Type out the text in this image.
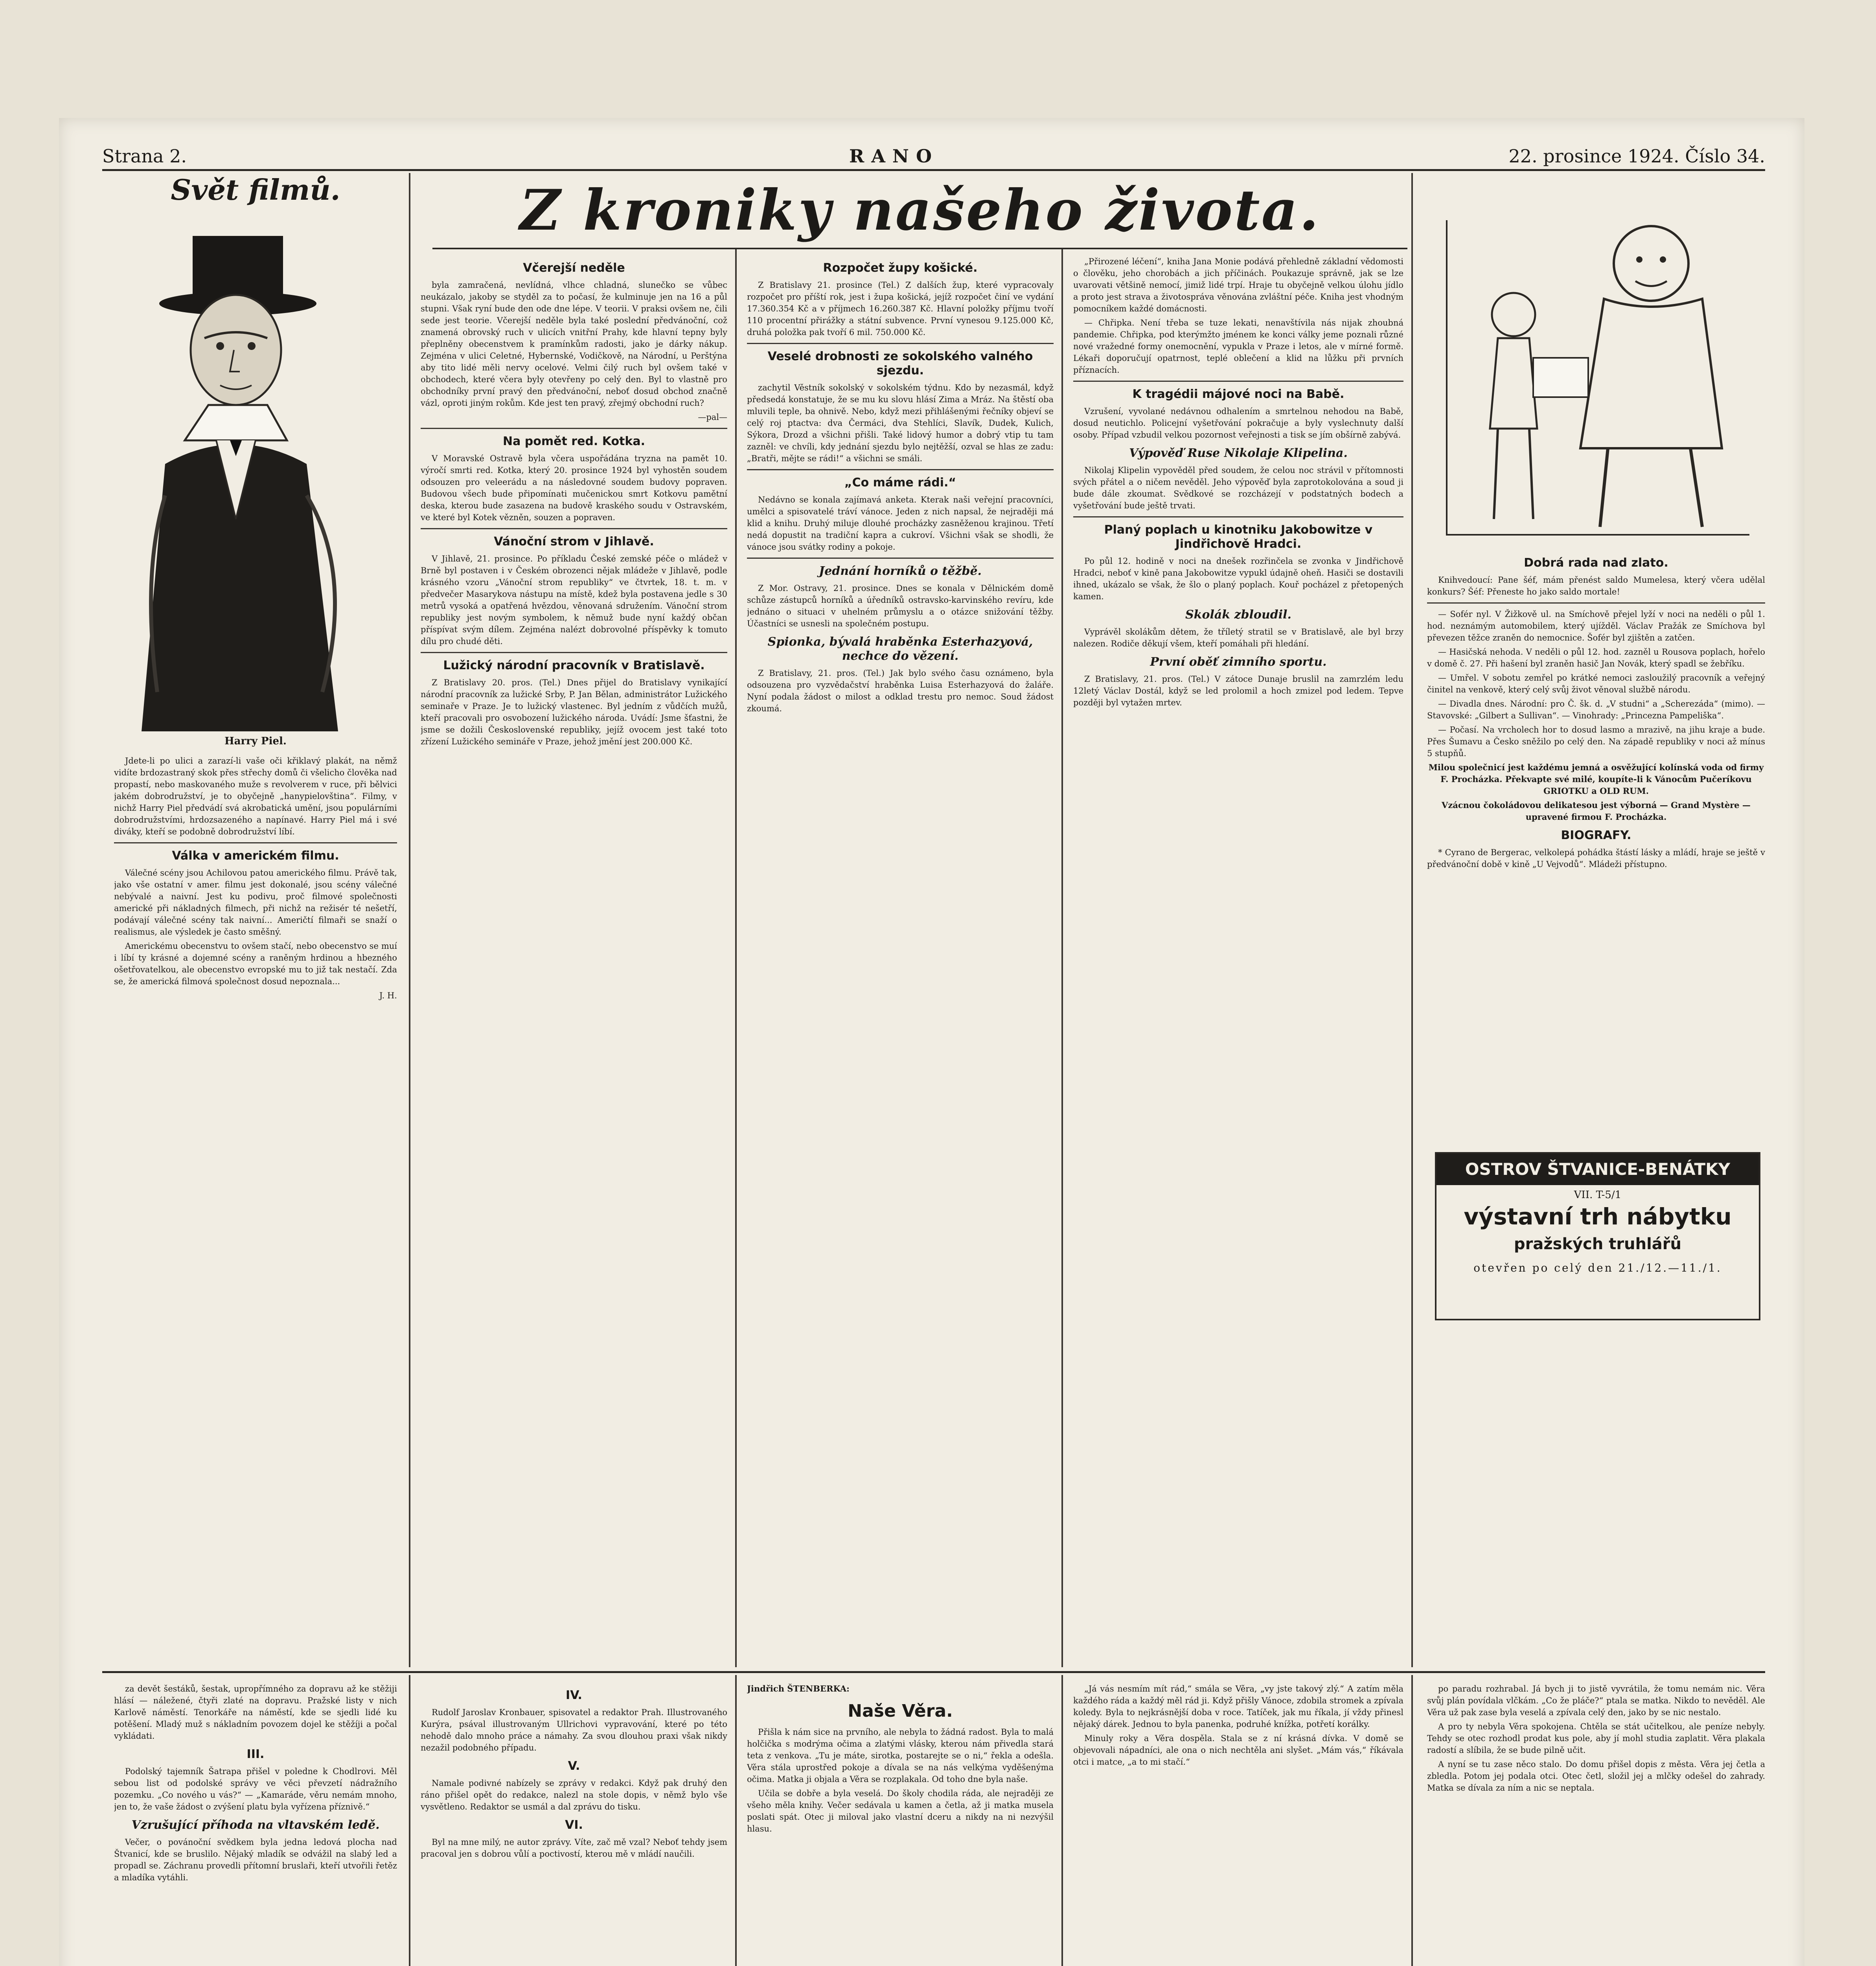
Strana 2.	RANO	22. prosince 1924. Číslo 34.
Svět filmů.	Z kroniky našeho života.
Harry Piel.

Jdete-li po ulici a zarazí-li vaše oči křiklavý plakát, na němž vidíte brdozastraný skok přes střechy domů či všelicho člověka nad propastí, nebo maskovaného muže s revolverem v ruce, při bělvici jakém dobrodružství, je to obyčejně „hanypielovština“. Filmy, v nichž Harry Piel předvádí svá akrobatická umění, jsou populárními dobrodružstvími, hrdozsazeného a napínavé. Harry Piel má i své diváky, kteří se podobně dobrodružství líbí.

Válka v americkém filmu.

Válečné scény jsou Achilovou patou amerického filmu. Právě tak, jako vše ostatní v amer. filmu jest dokonalé, jsou scény válečné nebývalé a naivní. Jest ku podivu, proč filmové společnosti americké při nákladných filmech, při nichž na režisér té nešetří, podávají válečné scény tak naivní... Američtí filmaři se snaží o realismus, ale výsledek je často směšný.

Americkému obecenstvu to ovšem stačí, nebo obecenstvo se muí i líbí ty krásné a dojemné scény a raněným hrdinou a hbezného ošetřovatelkou, ale obecenstvo evropské mu to již tak nestačí. Zda se, že americká filmová společnost dosud nepoznala...

J. H.

Včerejší neděle

byla zamračená, nevlídná, vlhce chladná, slunečko se vůbec neukázalo, jakoby se styděl za to počasí, že kulminuje jen na 16 a půl stupni. Však ryní bude den ode dne lépe. V teorii. V praksi ovšem ne, čili sede jest teorie. Včerejší neděle byla také poslední předvánoční, což znamená obrovský ruch v ulicích vnitřní Prahy, kde hlavní tepny byly přeplněny obecenstvem k pramínkům radosti, jako je dárky nákup. Zejména v ulici Celetné, Hybernské, Vodičkově, na Národní, u Perštýna aby tito lidé měli nervy ocelové. Velmi čilý ruch byl ovšem také v obchodech, které včera byly otevřeny po celý den. Byl to vlastně pro obchodníky první pravý den předvánoční, neboť dosud obchod značně vázl, oproti jiným rokům. Kde jest ten pravý, zřejmý obchodní ruch?

—pal—

Na pomět red. Kotka.

V Moravské Ostravě byla včera uspořádána tryzna na pamět 10. výročí smrti red. Kotka, který 20. prosince 1924 byl vyhostěn soudem odsouzen pro veleerádu a na následovné soudem budovy popraven. Budovou všech bude připomínati mučenickou smrt Kotkovu pamětní deska, kterou bude zasazena na budově kraského soudu v Ostravském, ve které byl Kotek vězněn, souzen a popraven.

Vánoční strom v Jihlavě.

V Jihlavě, 21. prosince. Po příkladu České zemské péče o mládež v Brně byl postaven i v Českém obrozenci nějak mládeže v Jihlavě, podle krásného vzoru „Vánoční strom republiky“ ve čtvrtek, 18. t. m. v předvečer Masarykova nástupu na místě, kdež byla postavena jedle s 30 metrů vysoká a opatřená hvězdou, věnovaná sdružením. Vánoční strom republiky jest novým symbolem, k němuž bude nyní každý občan příspívat svým dílem. Zejména nalézt dobrovolné příspěvky k tomuto dílu pro chudé děti.

Lužický národní pracovník v Bratislavě.

Z Bratislavy 20. pros. (Tel.) Dnes přijel do Bratislavy vynikající národní pracovník za lužické Srby, P. Jan Bělan, administrátor Lužického seminaře v Praze. Je to lužický vlastenec. Byl jedním z vůdčích mužů, kteří pracovali pro osvobození lužického národa. Uvádí: Jsme šťastni, že jsme se dožili Československé republiky, jejíž ovocem jest také toto zřízení Lužického semináře v Praze, jehož jmění jest 200.000 Kč.

Rozpočet župy košické.

Z Bratislavy 21. prosince (Tel.) Z dalších žup, které vypracovaly rozpočet pro příští rok, jest i župa košická, jejíž rozpočet činí ve vydání 17.360.354 Kč a v příjmech 16.260.387 Kč. Hlavní položky příjmu tvoří 110 procentní přirážky a státní subvence. První vynesou 9.125.000 Kč, druhá položka pak tvoří 6 mil. 750.000 Kč.

Veselé drobnosti ze sokolského valného sjezdu.

zachytil Věstník sokolský v sokolském týdnu. Kdo by nezasmál, když předsedá konstatuje, že se mu ku slovu hlásí Zima a Mráz. Na štěstí oba mluvili teple, ba ohnivě. Nebo, když mezi přihlášenými řečníky objeví se celý roj ptactva: dva Čermáci, dva Stehlíci, Slavík, Dudek, Kulich, Sýkora, Drozd a všichni přišli. Také lidový humor a dobrý vtip tu tam zazněl: ve chvíli, kdy jednání sjezdu bylo nejtěžší, ozval se hlas ze zadu: „Bratři, mějte se rádi!“ a všichni se smáli.

„Co máme rádi.“

Nedávno se konala zajímavá anketa. Kterak naši veřejní pracovníci, umělci a spisovatelé tráví vánoce. Jeden z nich napsal, že nejraději má klid a knihu. Druhý miluje dlouhé procházky zasněženou krajinou. Třetí nedá dopustit na tradiční kapra a cukroví. Všichni však se shodli, že vánoce jsou svátky rodiny a pokoje.

Jednání horníků o těžbě.

Z Mor. Ostravy, 21. prosince. Dnes se konala v Dělnickém domě schůze zástupců horníků a úředníků ostravsko-karvinského revíru, kde jednáno o situaci v uhelném průmyslu a o otázce snižování těžby. Účastníci se usnesli na společném postupu.

Spionka, bývalá hraběnka Esterhazyová, nechce do vězení.

Z Bratislavy, 21. pros. (Tel.) Jak bylo svého času oznámeno, byla odsouzena pro vyzvědačství hraběnka Luisa Esterhazyová do žaláře. Nyní podala žádost o milost a odklad trestu pro nemoc. Soud žádost zkoumá.

„Přirozené léčení“, kniha Jana Monie podává přehledně základní vědomosti o člověku, jeho chorobách a jich příčinách. Poukazuje správně, jak se lze uvarovati většině nemocí, jimiž lidé trpí. Hraje tu obyčejně velkou úlohu jídlo a proto jest strava a životospráva věnována zvláštní péče. Kniha jest vhodným pomocníkem každé domácnosti.

— Chřipka. Není třeba se tuze lekati, nenavštívila nás nijak zhoubná pandemie. Chřipka, pod kterýmžto jménem ke konci války jeme poznali různé nové vražedné formy onemocnění, vypukla v Praze i letos, ale v mírné formě. Lékaři doporučují opatrnost, teplé oblečení a klid na lůžku při prvních příznacích.

K tragédii májové noci na Babě.

Vzrušení, vyvolané nedávnou odhalením a smrtelnou nehodou na Babě, dosud neutichlo. Policejní vyšetřování pokračuje a byly vyslechnuty další osoby. Případ vzbudil velkou pozornost veřejnosti a tisk se jím obšírně zabývá.

Výpověď Ruse Nikolaje Klipelina.

Nikolaj Klipelin vypověděl před soudem, že celou noc strávil v přítomnosti svých přátel a o ničem nevěděl. Jeho výpověď byla zaprotokolována a soud ji bude dále zkoumat. Svědkové se rozcházejí v podstatných bodech a vyšetřování bude ještě trvati.

Planý poplach u kinotniku Jakobowitze v Jindřichově Hradci.

Po půl 12. hodině v noci na dnešek rozřinčela se zvonka v Jindřichově Hradci, neboť v kině pana Jakobowitze vypukl údajně oheň. Hasiči se dostavili ihned, ukázalo se však, že šlo o planý poplach. Kouř pocházel z přetopených kamen.

Skolák zbloudil.

Vyprávěl skolákům dětem, že tříletý stratil se v Bratislavě, ale byl brzy nalezen. Rodiče děkují všem, kteří pomáhali při hledání.

První oběť zimního sportu.

Z Bratislavy, 21. pros. (Tel.) V zátoce Dunaje bruslil na zamrzlém ledu 12letý Václav Dostál, když se led prolomil a hoch zmizel pod ledem. Tepve později byl vytažen mrtev.

Dobrá rada nad zlato.

Knihvedoucí: Pane šéf, mám přenést saldo Mumelesa, který včera udělal konkurs? Šéf: Přeneste ho jako saldo mortale!

— Sofér nyl. V Žižkově ul. na Smíchově přejel lyží v noci na neděli o půl 1. hod. neznámým automobilem, který ujížděl. Václav Pražák ze Smíchova byl převezen těžce zraněn do nemocnice. Šofér byl zjištěn a zatčen.

— Hasičská nehoda. V neděli o půl 12. hod. zazněl u Rousova poplach, hořelo v domě č. 27. Při hašení byl zraněn hasič Jan Novák, který spadl se žebříku.

— Umřel. V sobotu zemřel po krátké nemoci zasloužilý pracovník a veřejný činitel na venkově, který celý svůj život věnoval službě národu.

— Divadla dnes. Národní: pro Č. šk. d. „V studni“ a „Scherezáda“ (mimo). — Stavovské: „Gilbert a Sullivan“. — Vinohrady: „Princezna Pampeliška“.

— Počasí. Na vrcholech hor to dosud lasmo a mrazivě, na jihu kraje a bude. Přes Šumavu a Česko sněžilo po celý den. Na západě republiky v noci až mínus 5 stupňů.

Milou společnicí jest každému jemná a osvěžující kolínská voda od firmy F. Procházka. Překvapte své milé, koupíte-li k Vánocům Pučeríkovu GRIOTKU a OLD RUM.

Vzácnou čokoládovou delikatesou jest výborná — Grand Mystère — upravené firmou F. Procházka.

BIOGRAFY.

* Cyrano de Bergerac, velkolepá pohádka štástí lásky a mládí, hraje se ještě v předvánoční době v kině „U Vejvodů“. Mládeži přístupno.

OSTROV ŠTVANICE-BENÁTKY
VII. T-5/1
výstavní trh nábytku
pražských truhlářů
otevřen po celý den 21./12.—11./1.

za devět šestáků, šestak, upropřímného za dopravu až ke stěžiji hlásí — náležené, čtyři zlaté na dopravu. Pražské listy v nich Karlově náměstí. Tenorkáře na náměstí, kde se sjedli lidé ku potěšení. Mladý muž s nákladním povozem dojel ke stěžíji a počal vykládati.

III.

Podolský tajemník Šatrapa přišel v poledne k Chodlrovi. Měl sebou list od podolské správy ve věci převzetí nádražního pozemku. „Co nového u vás?“ — „Kamaráde, věru nemám mnoho, jen to, že vaše žádost o zvýšení platu byla vyřízena příznivě.“

Vzrušující příhoda na vltavském ledě.

Večer, o povánoční svědkem byla jedna ledová plocha nad Štvanicí, kde se bruslilo. Nějaký mladík se odvážil na slabý led a propadl se. Záchranu provedli přítomní bruslaři, kteří utvořili řetěz a mladíka vytáhli.

IV.

Rudolf Jaroslav Kronbauer, spisovatel a redaktor Prah. Illustrovaného Kurýra, psával illustrovaným Ullrichovi vypravování, které po této nehodě dalo mnoho práce a námahy. Za svou dlouhou praxi však nikdy nezažil podobného případu.

V.

Namale podivné nabízely se zprávy v redakci. Když pak druhý den ráno přišel opět do redakce, nalezl na stole dopis, v němž bylo vše vysvětleno. Redaktor se usmál a dal zprávu do tisku.

VI.

Byl na mne milý, ne autor zprávy. Víte, zač mě vzal? Neboť tehdy jsem pracoval jen s dobrou vůlí a poctivostí, kterou mě v mládí naučili.

Jindřich ŠTENBERKA:

Naše Věra.

Přišla k nám sice na prvního, ale nebyla to žádná radost. Byla to malá holčička s modrýma očima a zlatými vlásky, kterou nám přivedla stará teta z venkova. „Tu je máte, sirotka, postarejte se o ni,“ řekla a odešla. Věra stála uprostřed pokoje a dívala se na nás velkýma vyděšenýma očima. Matka ji objala a Věra se rozplakala. Od toho dne byla naše.

Učila se dobře a byla veselá. Do školy chodila ráda, ale nejraději ze všeho měla knihy. Večer sedávala u kamen a četla, až ji matka musela poslati spát. Otec ji miloval jako vlastní dceru a nikdy na ni nezvýšil hlasu.

„Já vás nesmím mít rád,“ smála se Věra, „vy jste takový zlý.“ A zatím měla každého ráda a každý měl rád ji. Když přišly Vánoce, zdobila stromek a zpívala koledy. Byla to nejkrásnější doba v roce. Tatíček, jak mu říkala, jí vždy přinesl nějaký dárek. Jednou to byla panenka, podruhé knížka, potřetí korálky.

Minuly roky a Věra dospěla. Stala se z ní krásná dívka. V domě se objevovali nápadníci, ale ona o nich nechtěla ani slyšet. „Mám vás,“ říkávala otci i matce, „a to mi stačí.“

po paradu rozhrabal. Já bych ji to jistě vyvrátila, že tomu nemám nic. Věra svůj plán povídala vlčkám. „Co že pláče?“ ptala se matka. Nikdo to nevěděl. Ale Věra už pak zase byla veselá a zpívala celý den, jako by se nic nestalo.

A pro ty nebyla Věra spokojena. Chtěla se stát učitelkou, ale peníze nebyly. Tehdy se otec rozhodl prodat kus pole, aby jí mohl studia zaplatit. Věra plakala radostí a slíbila, že se bude pilně učit.

A nyní se tu zase něco stalo. Do domu přišel dopis z města. Věra jej četla a zbledla. Potom jej podala otci. Otec četl, složil jej a mlčky odešel do zahrady. Matka se dívala za ním a nic se neptala.
